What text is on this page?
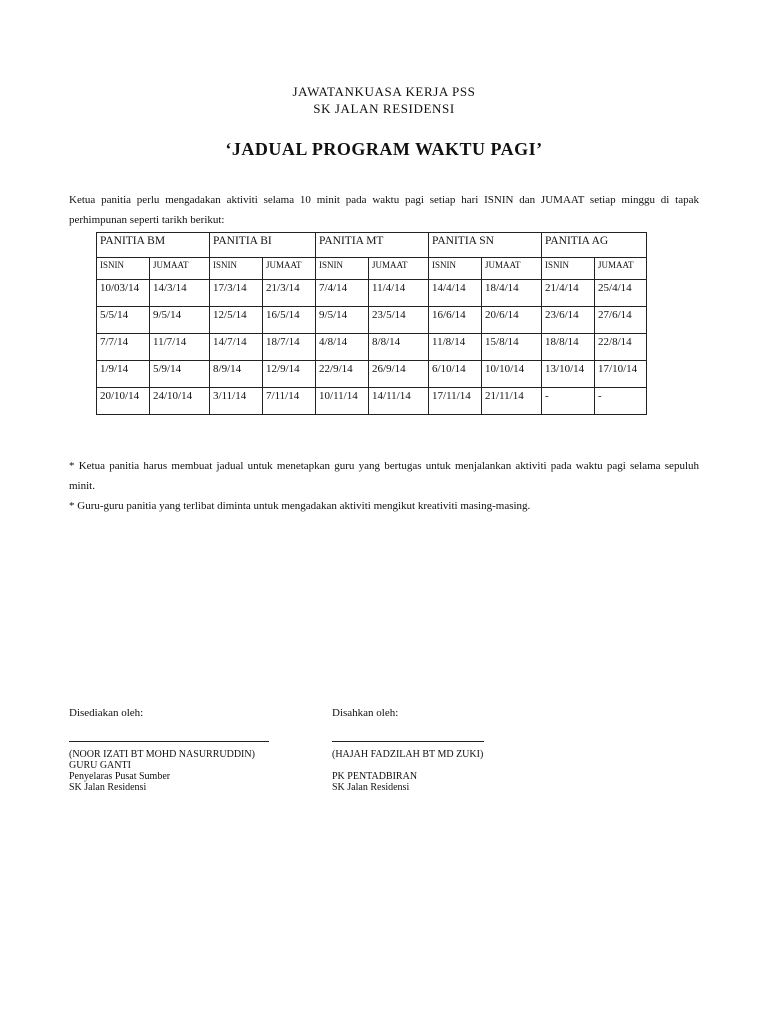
JAWATANKUASA KERJA PSS
SK JALAN RESIDENSI
‘JADUAL PROGRAM WAKTU PAGI’
Ketua panitia perlu mengadakan aktiviti selama 10 minit pada waktu pagi setiap hari ISNIN dan JUMAAT setiap minggu di tapak perhimpunan seperti tarikh berikut:
PANITIA BM		PANITIA BI		PANITIA MT		PANITIA SN		PANITIA AG	
ISNIN	JUMAAT	ISNIN	JUMAAT	ISNIN	JUMAAT	ISNIN	JUMAAT	ISNIN	JUMAAT
10/03/14	14/3/14	17/3/14	21/3/14	7/4/14	11/4/14	14/4/14	18/4/14	21/4/14	25/4/14
5/5/14	9/5/14	12/5/14	16/5/14	9/5/14	23/5/14	16/6/14	20/6/14	23/6/14	27/6/14
7/7/14	11/7/14	14/7/14	18/7/14	4/8/14	8/8/14	11/8/14	15/8/14	18/8/14	22/8/14
1/9/14	5/9/14	8/9/14	12/9/14	22/9/14	26/9/14	6/10/14	10/10/14	13/10/14	17/10/14
20/10/14	24/10/14	3/11/14	7/11/14	10/11/14	14/11/14	17/11/14	21/11/14	-	-

* Ketua panitia harus membuat jadual untuk menetapkan guru yang bertugas untuk menjalankan aktiviti pada waktu pagi selama sepuluh minit.

* Guru-guru panitia yang terlibat diminta untuk mengadakan aktiviti mengikut kreativiti masing-masing.

Disediakan oleh:
(NOOR IZATI BT MOHD NASURRUDDIN)
GURU GANTI
Penyelaras Pusat Sumber
SK Jalan Residensi
Disahkan oleh:
(HAJAH FADZILAH BT MD ZUKI)
PK PENTADBIRAN
SK Jalan Residensi
